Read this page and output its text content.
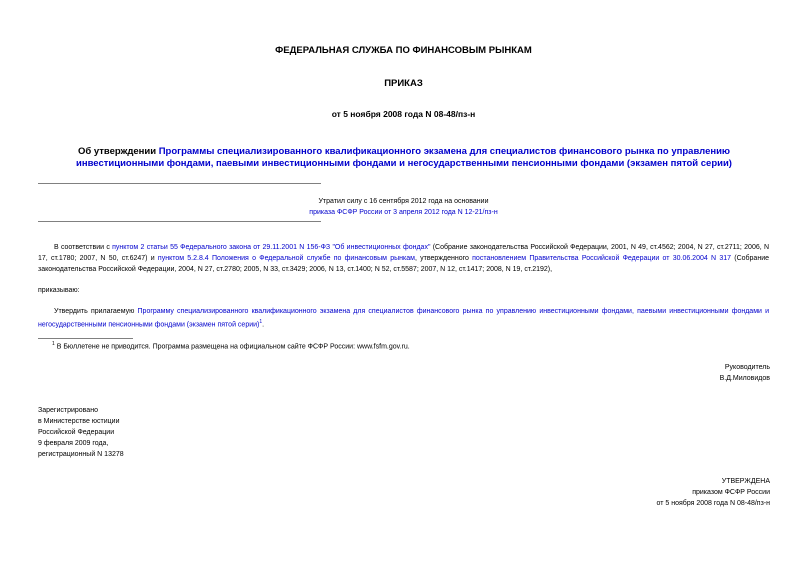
ФЕДЕРАЛЬНАЯ СЛУЖБА ПО ФИНАНСОВЫМ РЫНКАМ
ПРИКАЗ
от 5 ноября 2008 года N 08-48/пз-н
Об утверждении Программы специализированного квалификационного экзамена для специалистов финансового рынка по управлению инвестиционными фондами, паевыми инвестиционными фондами и негосударственными пенсионными фондами (экзамен пятой серии)
Утратил силу с 16 сентября 2012 года на основании
приказа ФСФР России от 3 апреля 2012 года N 12-21/пз-н
В соответствии с пунктом 2 статьи 55 Федерального закона от 29.11.2001 N 156-ФЗ "Об инвестиционных фондах" (Собрание законодательства Российской Федерации, 2001, N 49, ст.4562; 2004, N 27, ст.2711; 2006, N 17, ст.1780; 2007, N 50, ст.6247) и пунктом 5.2.8.4 Положения о Федеральной службе по финансовым рынкам, утвержденного постановлением Правительства Российской Федерации от 30.06.2004 N 317 (Собрание законодательства Российской Федерации, 2004, N 27, ст.2780; 2005, N 33, ст.3429; 2006, N 13, ст.1400; N 52, ст.5587; 2007, N 12, ст.1417; 2008, N 19, ст.2192),
приказываю:
Утвердить прилагаемую Программу специализированного квалификационного экзамена для специалистов финансового рынка по управлению инвестиционными фондами, паевыми инвестиционными фондами и негосударственными пенсионными фондами (экзамен пятой серии)$^1$.
$^1$ В Бюллетене не приводится. Программа размещена на официальном сайте ФСФР России: www.fsfm.gov.ru.
Руководитель
В.Д.Миловидов
Зарегистрировано
в Министерстве юстиции
Российской Федерации
9 февраля 2009 года,
регистрационный N 13278
УТВЕРЖДЕНА
приказом ФСФР России
от 5 ноября 2008 года N 08-48/пз-н
